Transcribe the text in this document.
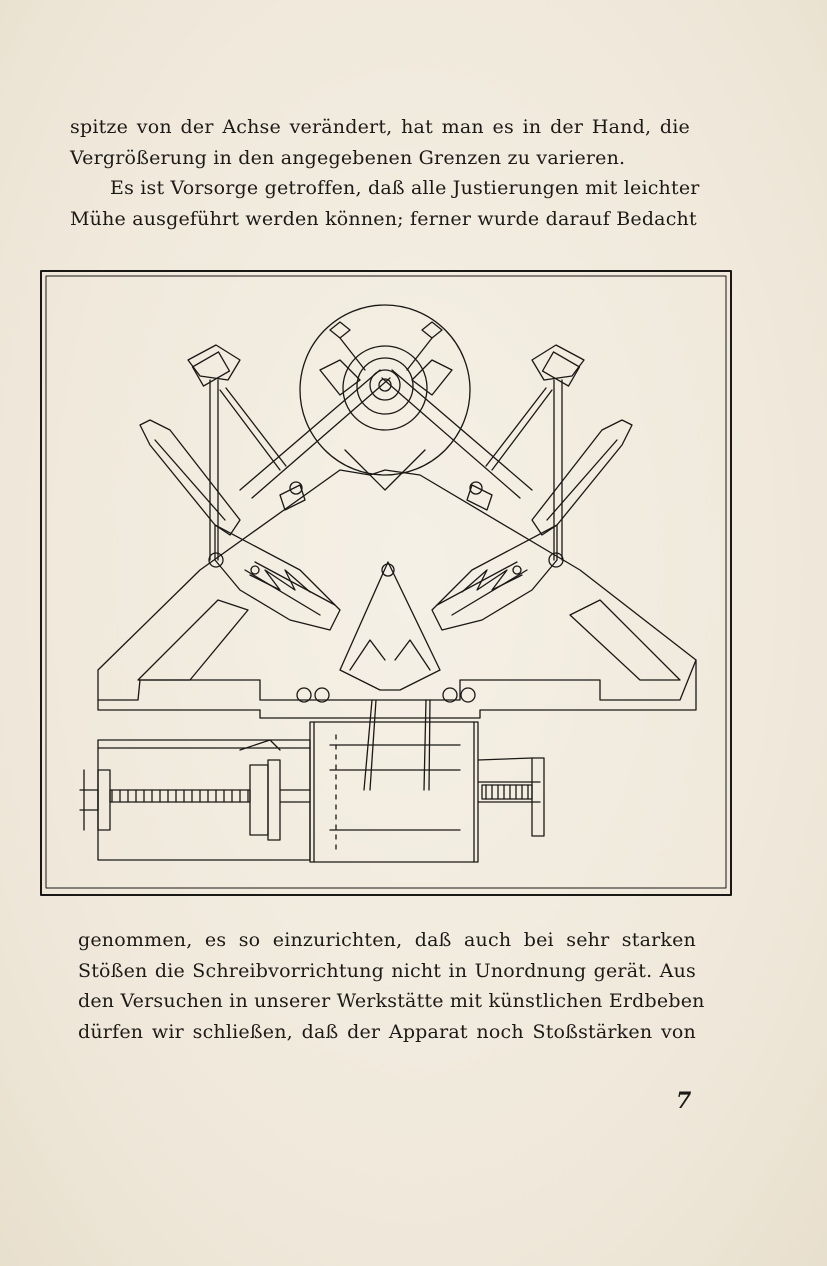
spitze von der Achse verändert, hat man es in der Hand, die
Vergrößerung in den angegebenen Grenzen zu varieren.
Es ist Vorsorge getroffen, daß alle Justierungen mit leichter
Mühe ausgeführt werden können; ferner wurde darauf Bedacht
genommen, es so einzurichten, daß auch bei sehr starken
Stößen die Schreibvorrichtung nicht in Unordnung gerät. Aus
den Versuchen in unserer Werkstätte mit künstlichen Erdbeben
dürfen wir schließen, daß der Apparat noch Stoßstärken von
7
